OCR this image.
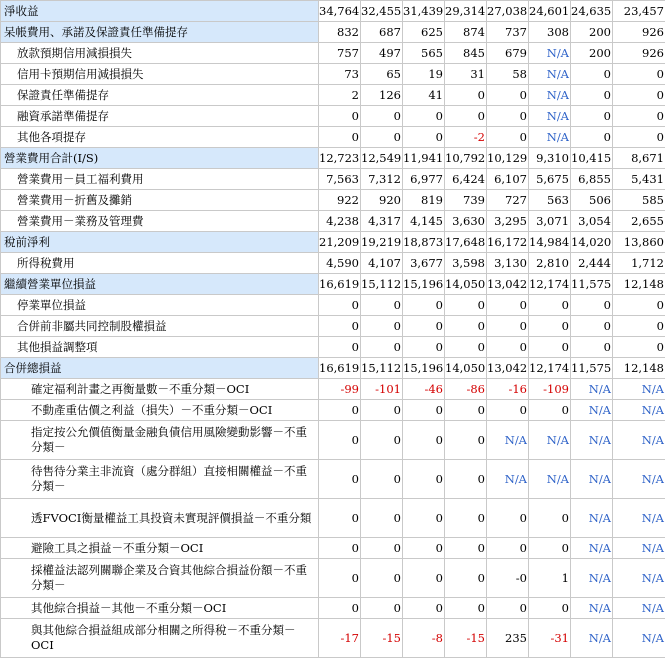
淨收益	34,764	32,455	31,439	29,314	27,038	24,601	24,635	23,457
呆帳費用、承諾及保證責任準備提存	832	687	625	874	737	308	200	926
放款預期信用減損損失	757	497	565	845	679	N/A	200	926
信用卡預期信用減損損失	73	65	19	31	58	N/A	0	0
保證責任準備提存	2	126	41	0	0	N/A	0	0
融資承諾準備提存	0	0	0	0	0	N/A	0	0
其他各項提存	0	0	0	-2	0	N/A	0	0
營業費用合計(I/S)	12,723	12,549	11,941	10,792	10,129	9,310	10,415	8,671
營業費用－員工福利費用	7,563	7,312	6,977	6,424	6,107	5,675	6,855	5,431
營業費用－折舊及攤銷	922	920	819	739	727	563	506	585
營業費用－業務及管理費	4,238	4,317	4,145	3,630	3,295	3,071	3,054	2,655
稅前淨利	21,209	19,219	18,873	17,648	16,172	14,984	14,020	13,860
所得稅費用	4,590	4,107	3,677	3,598	3,130	2,810	2,444	1,712
繼續營業單位損益	16,619	15,112	15,196	14,050	13,042	12,174	11,575	12,148
停業單位損益	0	0	0	0	0	0	0	0
合併前非屬共同控制股權損益	0	0	0	0	0	0	0	0
其他損益調整項	0	0	0	0	0	0	0	0
合併總損益	16,619	15,112	15,196	14,050	13,042	12,174	11,575	12,148
確定福利計畫之再衡量數－不重分類－OCI	-99	-101	-46	-86	-16	-109	N/A	N/A
不動產重估價之利益（損失）－不重分類－OCI	0	0	0	0	0	0	N/A	N/A
指定按公允價值衡量金融負債信用風險變動影響－不重分類－	0	0	0	0	N/A	N/A	N/A	N/A
待售待分業主非流資（處分群組）直接相關權益－不重分類－	0	0	0	0	N/A	N/A	N/A	N/A
透FVOCI衡量權益工具投資未實現評價損益－不重分類	0	0	0	0	0	0	N/A	N/A
避險工具之損益－不重分類－OCI	0	0	0	0	0	0	N/A	N/A
採權益法認列關聯企業及合資其他綜合損益份額－不重分類－	0	0	0	0	-0	1	N/A	N/A
其他綜合損益－其他－不重分類－OCI	0	0	0	0	0	0	N/A	N/A
與其他綜合損益組成部分相關之所得稅－不重分類－OCI	-17	-15	-8	-15	235	-31	N/A	N/A
